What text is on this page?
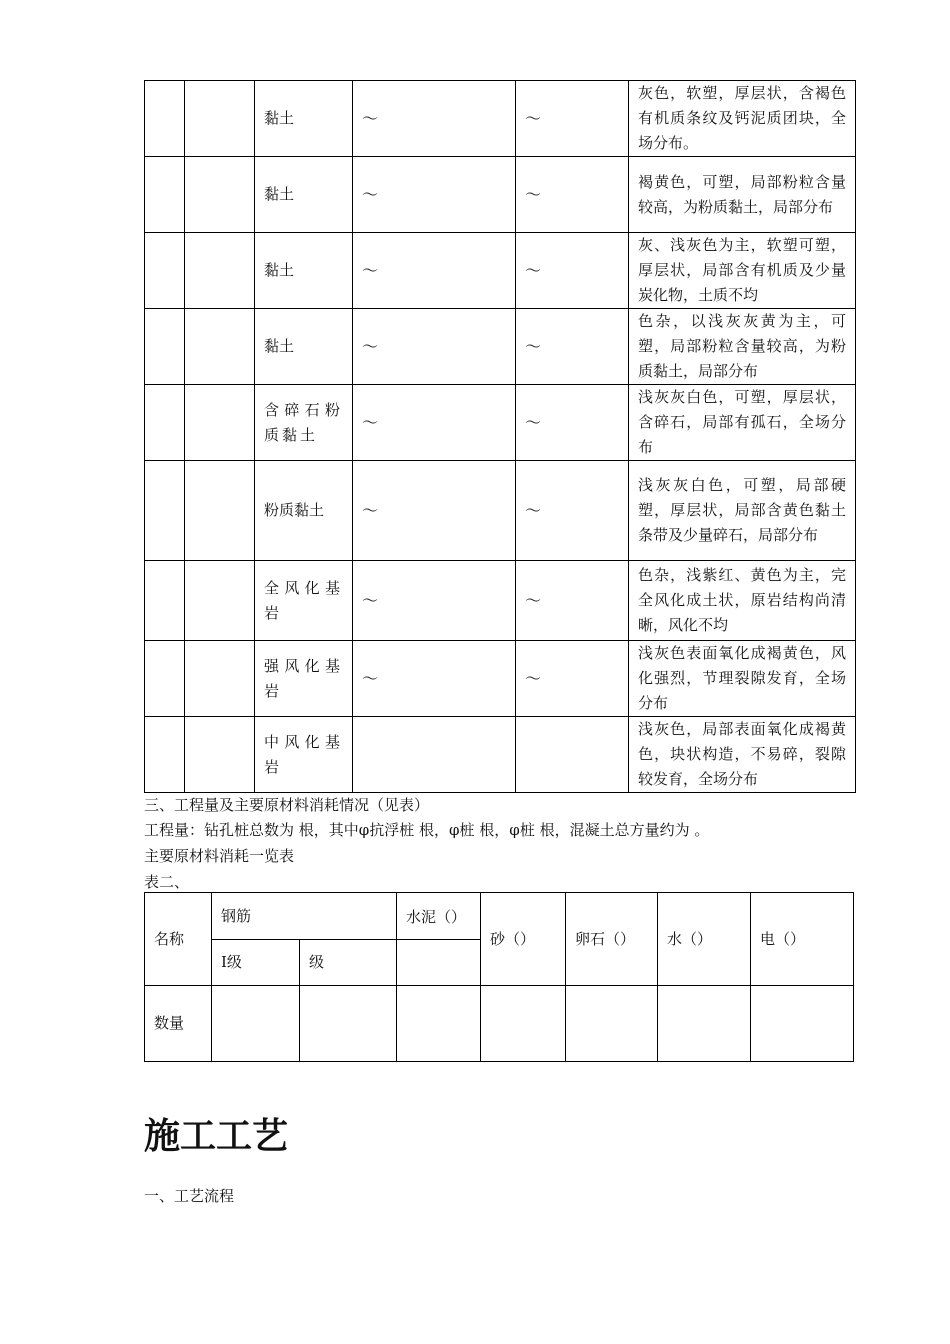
		黏土	～	～	灰色，软塑，厚层状，含褐色有机质条纹及钙泥质团块，全场分布。
		黏土	～	～	褐黄色，可塑，局部粉粒含量较高，为粉质黏土，局部分布
		黏土	～	～	灰、浅灰色为主，软塑可塑，厚层状，局部含有机质及少量炭化物，土质不均
		黏土	～	～	色杂，以浅灰灰黄为主，可塑，局部粉粒含量较高，为粉质黏土，局部分布
		含碎石粉质黏土	～	～	浅灰灰白色，可塑，厚层状，含碎石，局部有孤石，全场分布
		粉质黏土	～	～	浅灰灰白色，可塑，局部硬塑，厚层状，局部含黄色黏土条带及少量碎石，局部分布
		全风化基岩	～	～	色杂，浅紫红、黄色为主，完全风化成土状，原岩结构尚清晰，风化不均
		强风化基岩	～	～	浅灰色表面氧化成褐黄色，风化强烈，节理裂隙发育，全场分布
		中风化基岩			浅灰色，局部表面氧化成褐黄色，块状构造，不易碎，裂隙较发育，全场分布
三、工程量及主要原材料消耗情况（见表）
工程量：钻孔桩总数为 根，其中φ抗浮桩 根，φ桩 根，φ桩 根，混凝土总方量约为 。
主要原材料消耗一览表
表二、
名称	钢筋		水泥（）	砂（）	卵石（）	水（）	电（）
	Ⅰ级	级					
数量							
施工工艺
一、工艺流程
